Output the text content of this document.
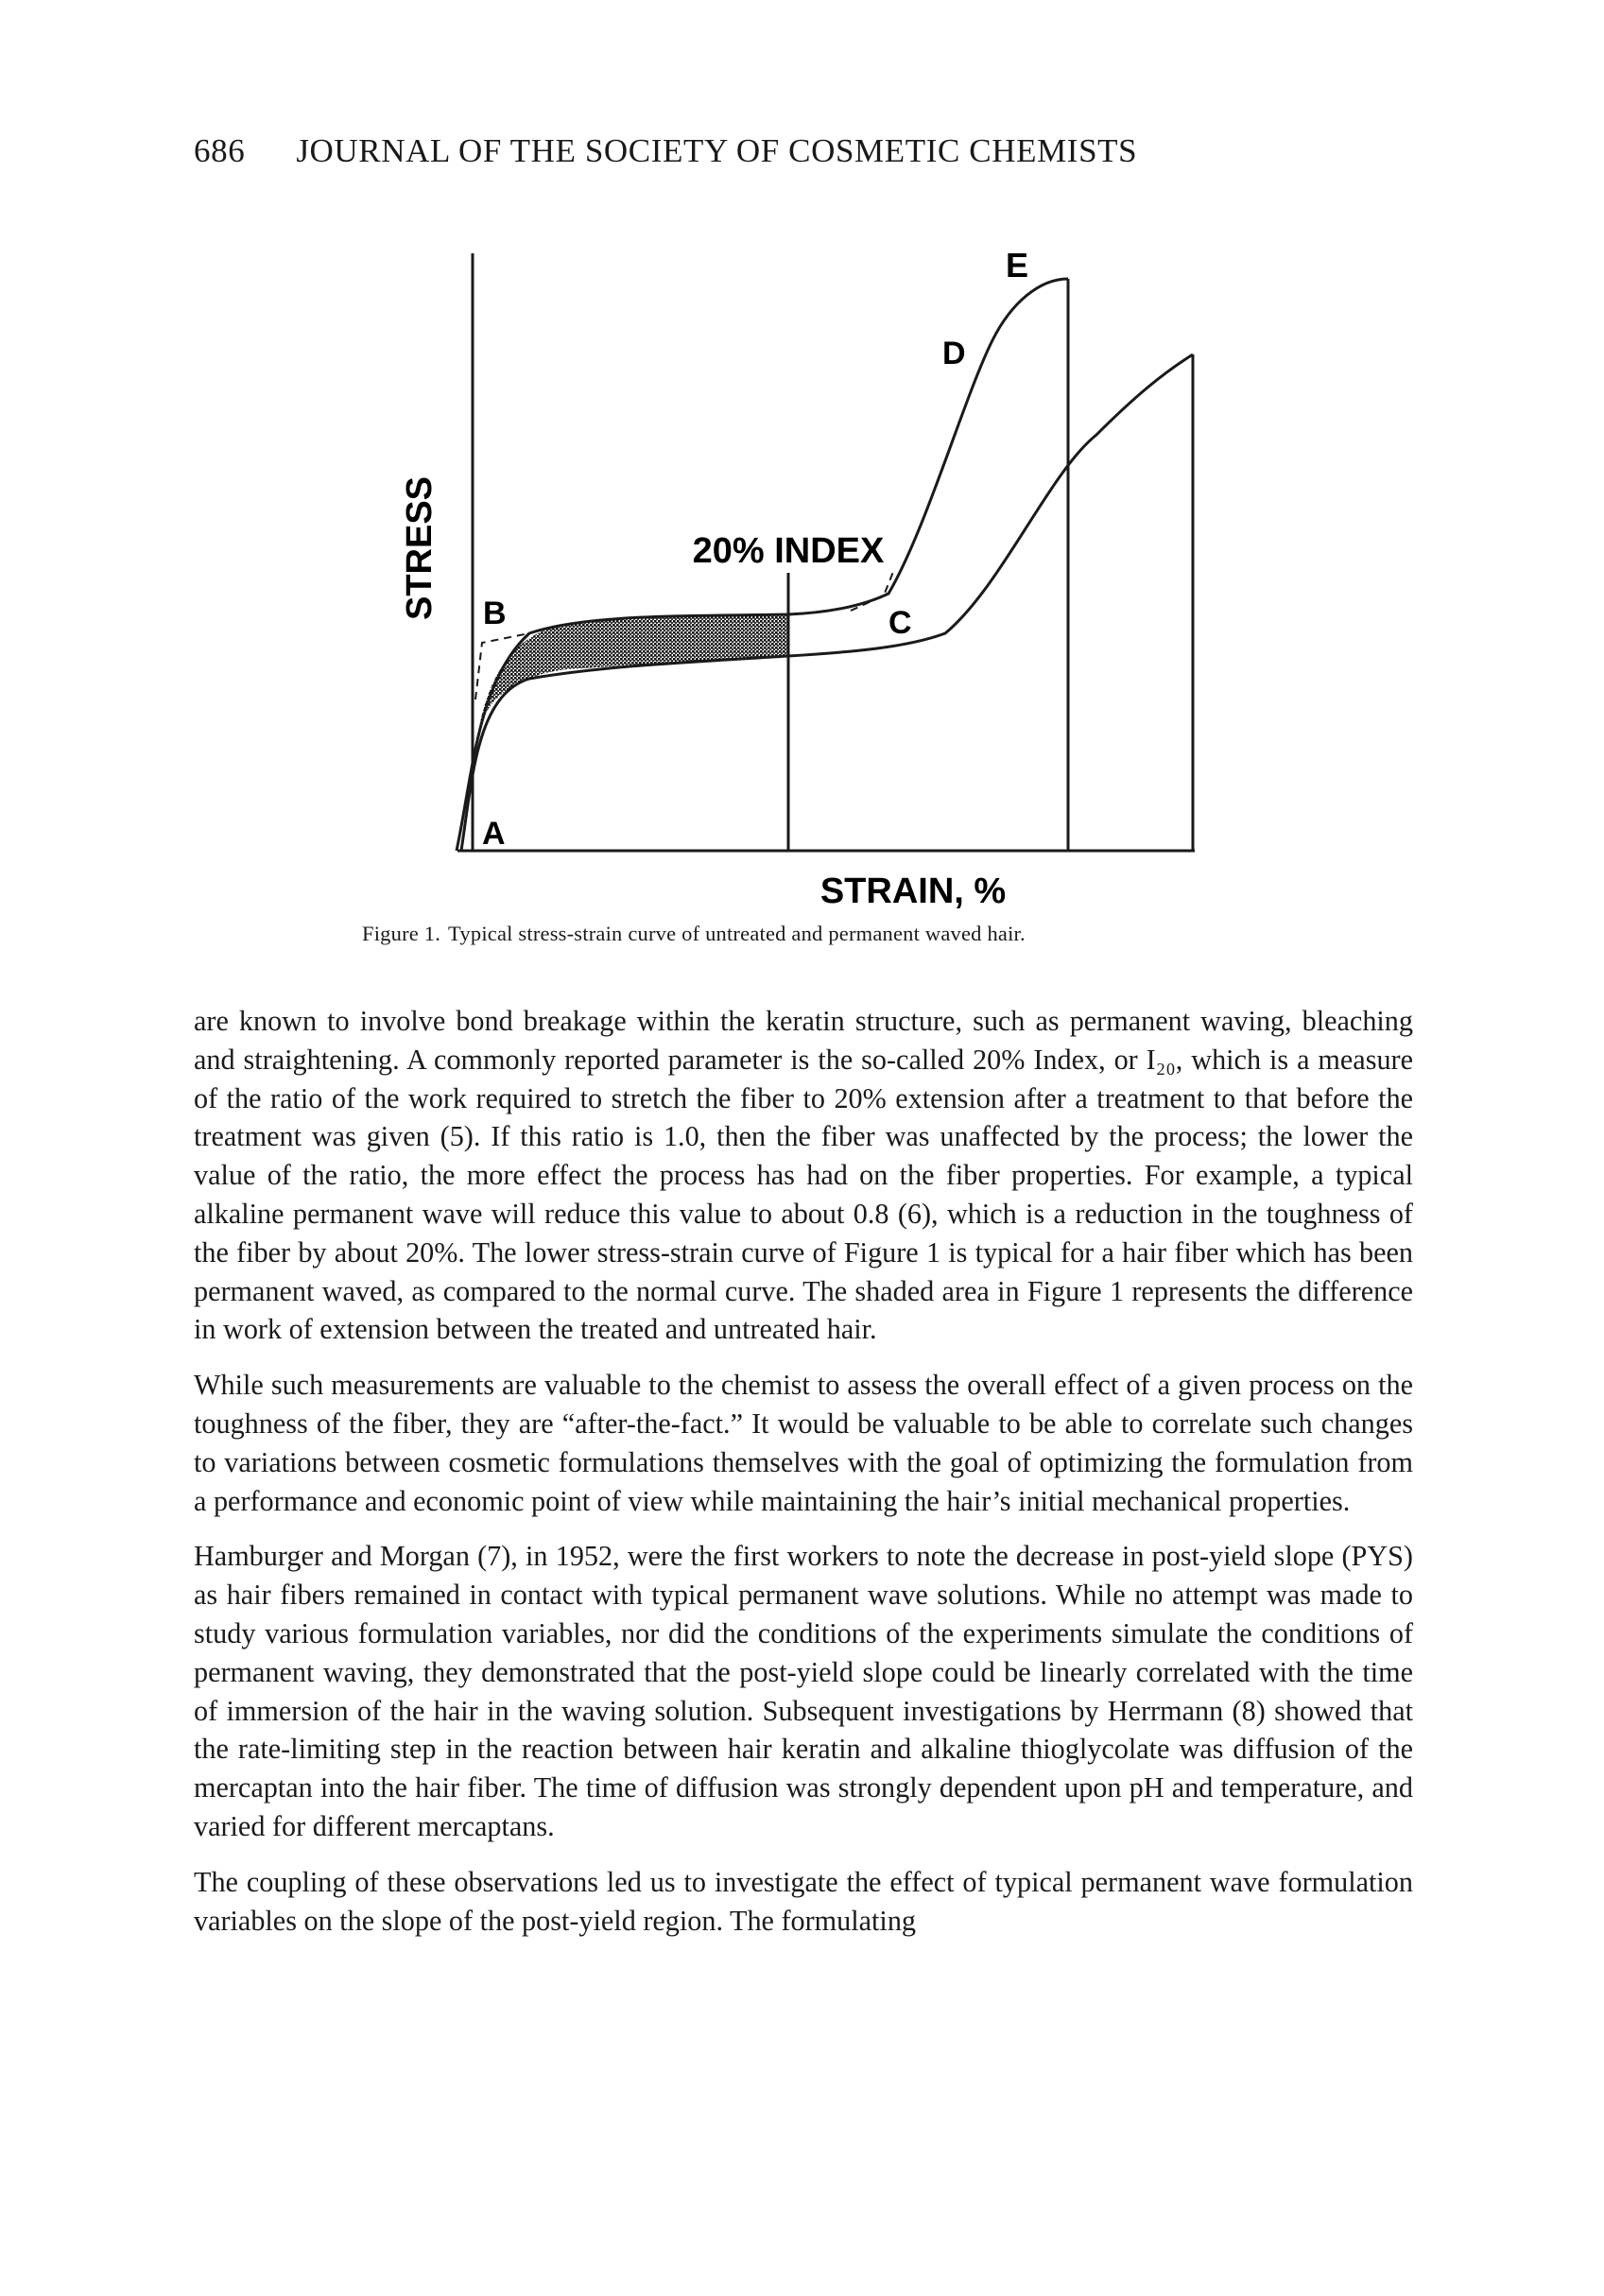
686 JOURNAL OF THE SOCIETY OF COSMETIC CHEMISTS
STRESS
STRAIN, %
20% INDEX
A
B	C
D
E
Figure 1. Typical stress-strain curve of untreated and permanent waved hair.

are known to involve bond breakage within the keratin structure, such as permanent waving, bleaching and straightening. A commonly reported parameter is the so-called 20% Index, or I₂₀, which is a measure of the ratio of the work required to stretch the fiber to 20% extension after a treatment to that before the treatment was given (5). If this ratio is 1.0, then the fiber was unaffected by the process; the lower the value of the ratio, the more effect the process has had on the fiber properties. For example, a typical alkaline permanent wave will reduce this value to about 0.8 (6), which is a reduction in the toughness of the fiber by about 20%. The lower stress-strain curve of Figure 1 is typical for a hair fiber which has been permanent waved, as compared to the normal curve. The shaded area in Figure 1 represents the difference in work of extension between the treated and untreated hair.

While such measurements are valuable to the chemist to assess the overall effect of a given process on the toughness of the fiber, they are “after-the-fact.” It would be valuable to be able to correlate such changes to variations between cosmetic formulations themselves with the goal of optimizing the formulation from a performance and economic point of view while maintaining the hair’s initial mechanical properties.

Hamburger and Morgan (7), in 1952, were the first workers to note the decrease in post-yield slope (PYS) as hair fibers remained in contact with typical permanent wave solutions. While no attempt was made to study various formulation variables, nor did the conditions of the experiments simulate the conditions of permanent waving, they demonstrated that the post-yield slope could be linearly correlated with the time of immersion of the hair in the waving solution. Subsequent investigations by Herrmann (8) showed that the rate-limiting step in the reaction between hair keratin and alkaline thioglycolate was diffusion of the mercaptan into the hair fiber. The time of diffusion was strongly dependent upon pH and temperature, and varied for different mercaptans.

The coupling of these observations led us to investigate the effect of typical permanent wave formulation variables on the slope of the post-yield region. The formulating
